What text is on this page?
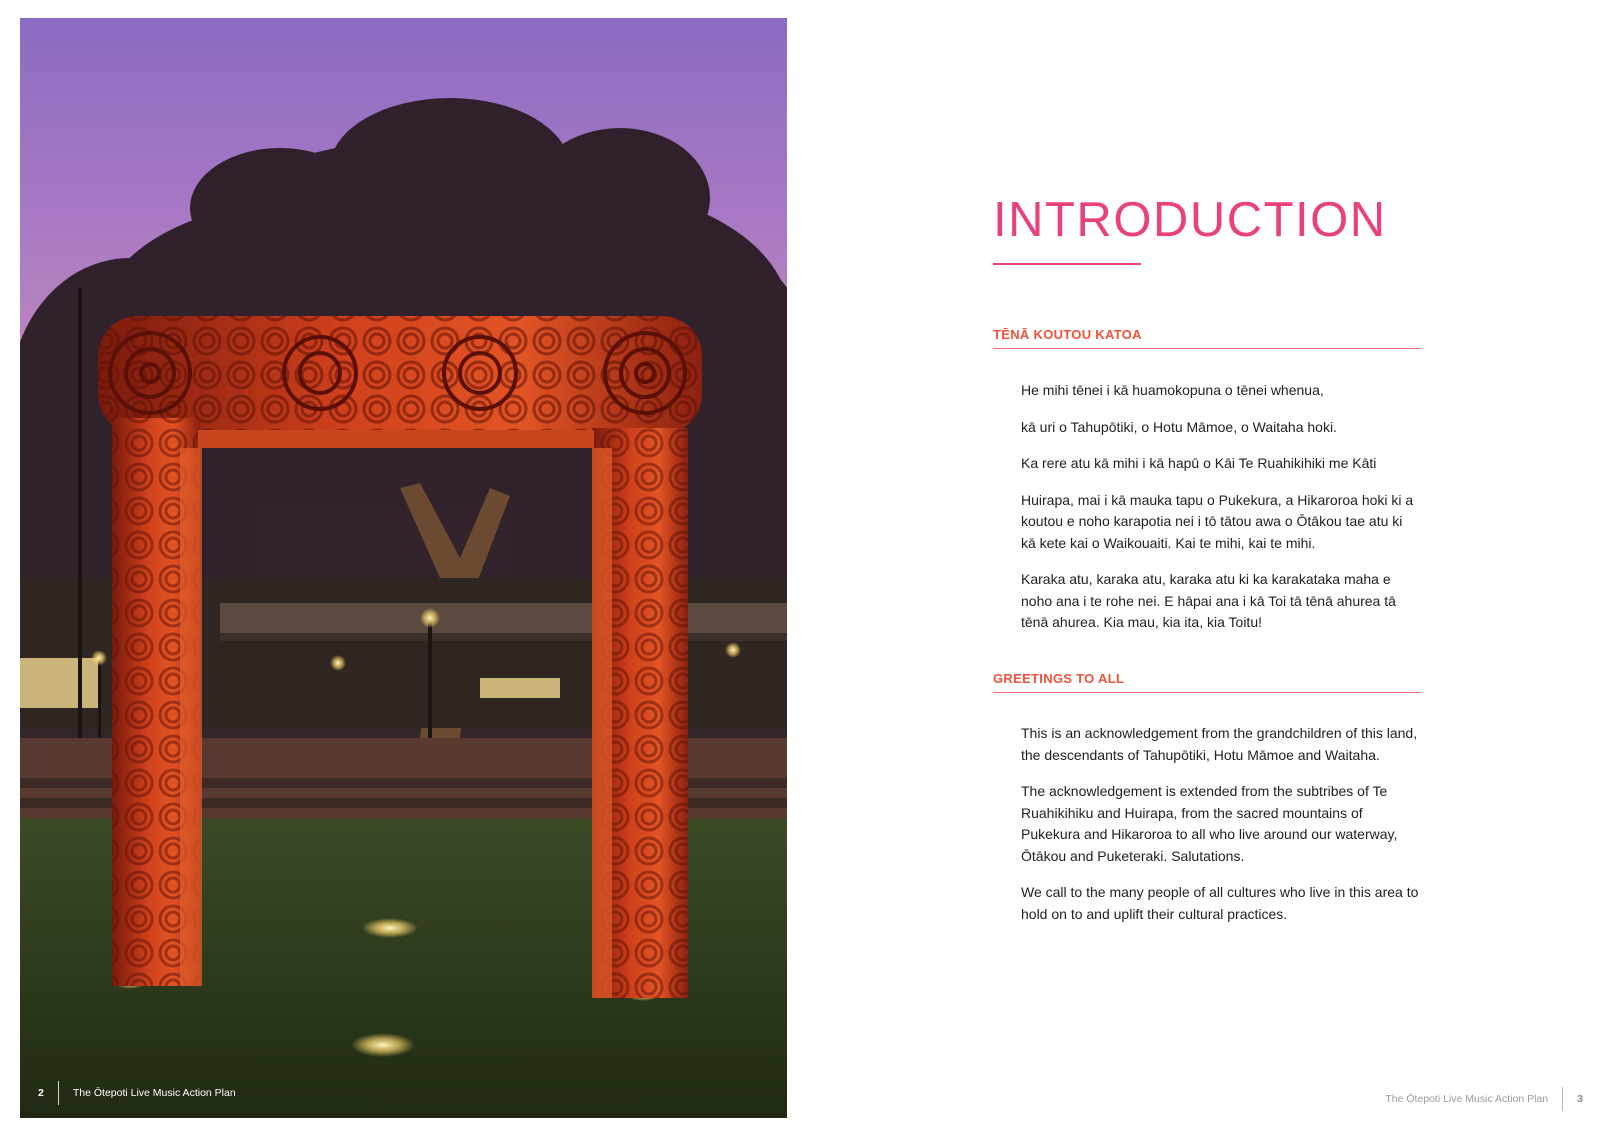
2	The Ōtepoti Live Music Action Plan
INTRODUCTION
TĒNĀ KOUTOU KATOA

He mihi tēnei i kā huamokopuna o tēnei whenua,

kā uri o Tahupōtiki, o Hotu Māmoe, o Waitaha hoki.

Ka rere atu kā mihi i kā hapū o Kāi Te Ruahikihiki me Kāti

Huirapa, mai i kā mauka tapu o Pukekura, a Hikaroroa hoki ki a koutou e noho karapotia nei i tō tātou awa o Ōtākou tae atu ki kā kete kai o Waikouaiti. Kai te mihi, kai te mihi.

Karaka atu, karaka atu, karaka atu ki ka karakataka maha e noho ana i te rohe nei. E hāpai ana i kā Toi tā tēnā ahurea tā tēnā ahurea. Kia mau, kia ita, kia Toitu!

GREETINGS TO ALL

This is an acknowledgement from the grandchildren of this land, the descendants of Tahupōtiki, Hotu Māmoe and Waitaha.

The acknowledgement is extended from the subtribes of Te Ruahikihiku and Huirapa, from the sacred mountains of Pukekura and Hikaroroa to all who live around our waterway, Ōtākou and Puketeraki. Salutations.

We call to the many people of all cultures who live in this area to hold on to and uplift their cultural practices.

The Ōtepoti Live Music Action Plan	3
